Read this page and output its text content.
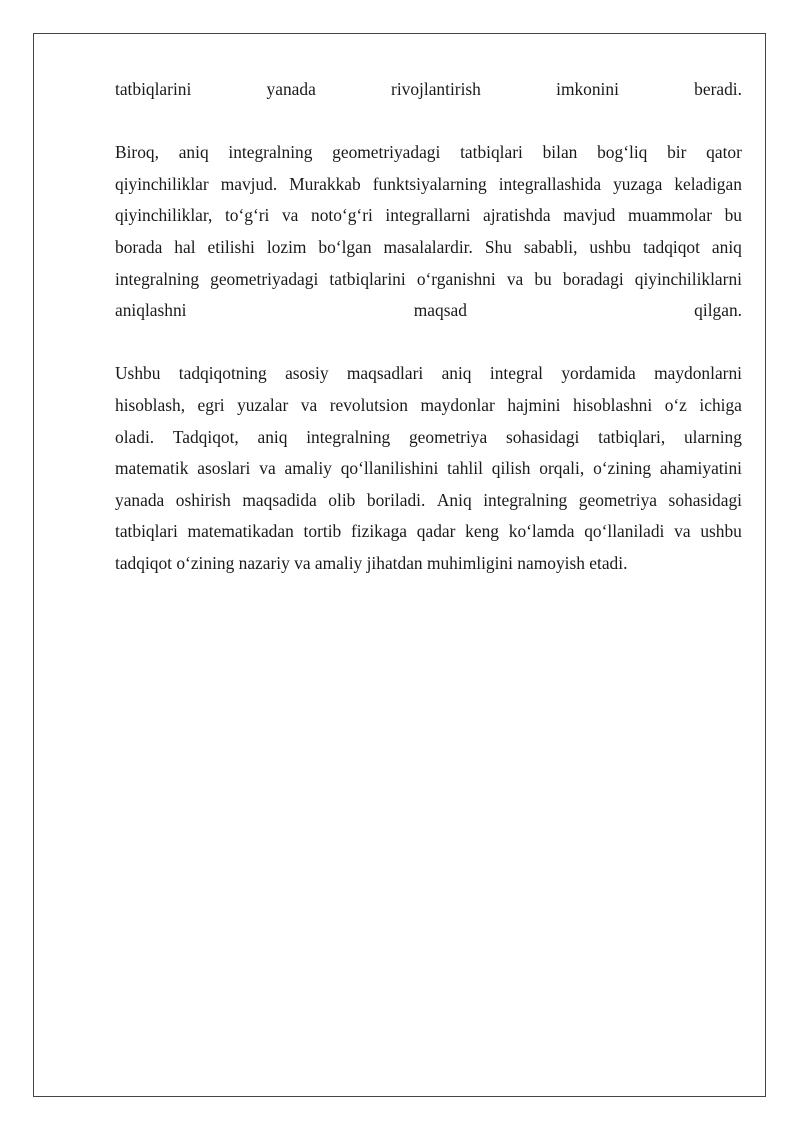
tatbiqlarini	yanada	rivojlantirish	imkonini	beradi.
Biroq, aniq integralning geometriyadagi tatbiqlari bilan bog‘liq bir qator
qiyinchiliklar mavjud. Murakkab funktsiyalarning integrallashida yuzaga keladigan
qiyinchiliklar, to‘g‘ri va noto‘g‘ri integrallarni ajratishda mavjud muammolar bu
borada hal etilishi lozim bo‘lgan masalalardir. Shu sababli, ushbu tadqiqot aniq
integralning geometriyadagi tatbiqlarini o‘rganishni va bu boradagi qiyinchiliklarni
aniqlashni	maqsad	qilgan.
Ushbu tadqiqotning asosiy maqsadlari aniq integral yordamida maydonlarni
hisoblash, egri yuzalar va revolutsion maydonlar hajmini hisoblashni o‘z ichiga
oladi. Tadqiqot, aniq integralning geometriya sohasidagi tatbiqlari, ularning
matematik asoslari va amaliy qo‘llanilishini tahlil qilish orqali, o‘zining ahamiyatini
yanada oshirish maqsadida olib boriladi. Aniq integralning geometriya sohasidagi
tatbiqlari matematikadan tortib fizikaga qadar keng ko‘lamda qo‘llaniladi va ushbu
tadqiqot o‘zining nazariy va amaliy jihatdan muhimligini namoyish etadi.
